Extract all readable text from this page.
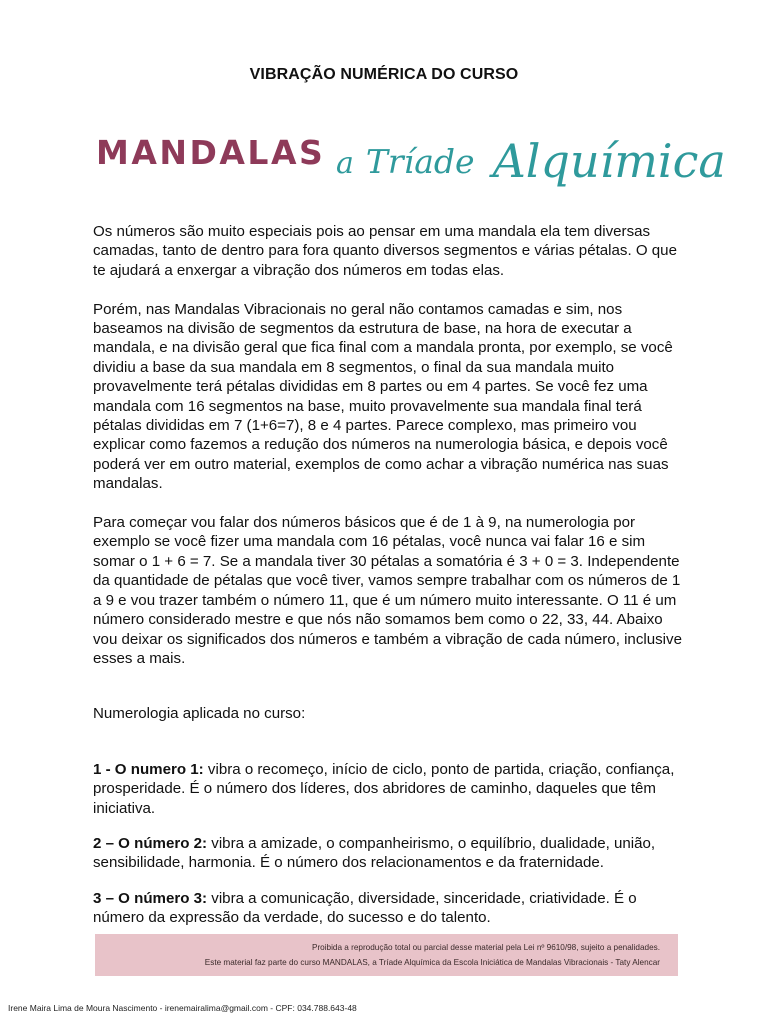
VIBRAÇÃO NUMÉRICA DO CURSO
MANDALAS a Tríade Alquímica

Os números são muito especiais pois ao pensar em uma mandala ela tem diversas camadas, tanto de dentro para fora quanto diversos segmentos e várias pétalas. O que te ajudará a enxergar a vibração dos números em todas elas.

Porém, nas Mandalas Vibracionais no geral não contamos camadas e sim, nos baseamos na divisão de segmentos da estrutura de base, na hora de executar a mandala, e na divisão geral que fica final com a mandala pronta, por exemplo, se você dividiu a base da sua mandala em 8 segmentos, o final da sua mandala muito provavelmente terá pétalas divididas em 8 partes ou em 4 partes. Se você fez uma mandala com 16 segmentos na base, muito provavelmente sua mandala final terá pétalas divididas em 7 (1+6=7), 8 e 4 partes. Parece complexo, mas primeiro vou explicar como fazemos a redução dos números na numerologia básica, e depois você poderá ver em outro material, exemplos de como achar a vibração numérica nas suas mandalas.

Para começar vou falar dos números básicos que é de 1 à 9, na numerologia por exemplo se você fizer uma mandala com 16 pétalas, você nunca vai falar 16 e sim somar o 1 + 6 = 7. Se a mandala tiver 30 pétalas a somatória é 3 + 0 = 3. Independente da quantidade de pétalas que você tiver, vamos sempre trabalhar com os números de 1 a 9 e vou trazer também o número 11, que é um número muito interessante. O 11 é um número considerado mestre e que nós não somamos bem como o 22, 33, 44. Abaixo vou deixar os significados dos números e também a vibração de cada número, inclusive esses a mais.

Numerologia aplicada no curso:

1 - O numero 1: vibra o recomeço, início de ciclo, ponto de partida, criação, confiança, prosperidade. É o número dos líderes, dos abridores de caminho, daqueles que têm iniciativa.

2 – O número 2: vibra a amizade, o companheirismo, o equilíbrio, dualidade, união, sensibilidade, harmonia. É o número dos relacionamentos e da fraternidade.

3 – O número 3: vibra a comunicação, diversidade, sinceridade, criatividade. É o número da expressão da verdade, do sucesso e do talento.

Proibida a reprodução total ou parcial desse material pela Lei nº 9610/98, sujeito a penalidades.
Este material faz parte do curso MANDALAS, a Tríade Alquímica da Escola Iniciática de Mandalas Vibracionais - Taty Alencar
Irene Maira Lima de Moura Nascimento - irenemairalima@gmail.com - CPF: 034.788.643-48
